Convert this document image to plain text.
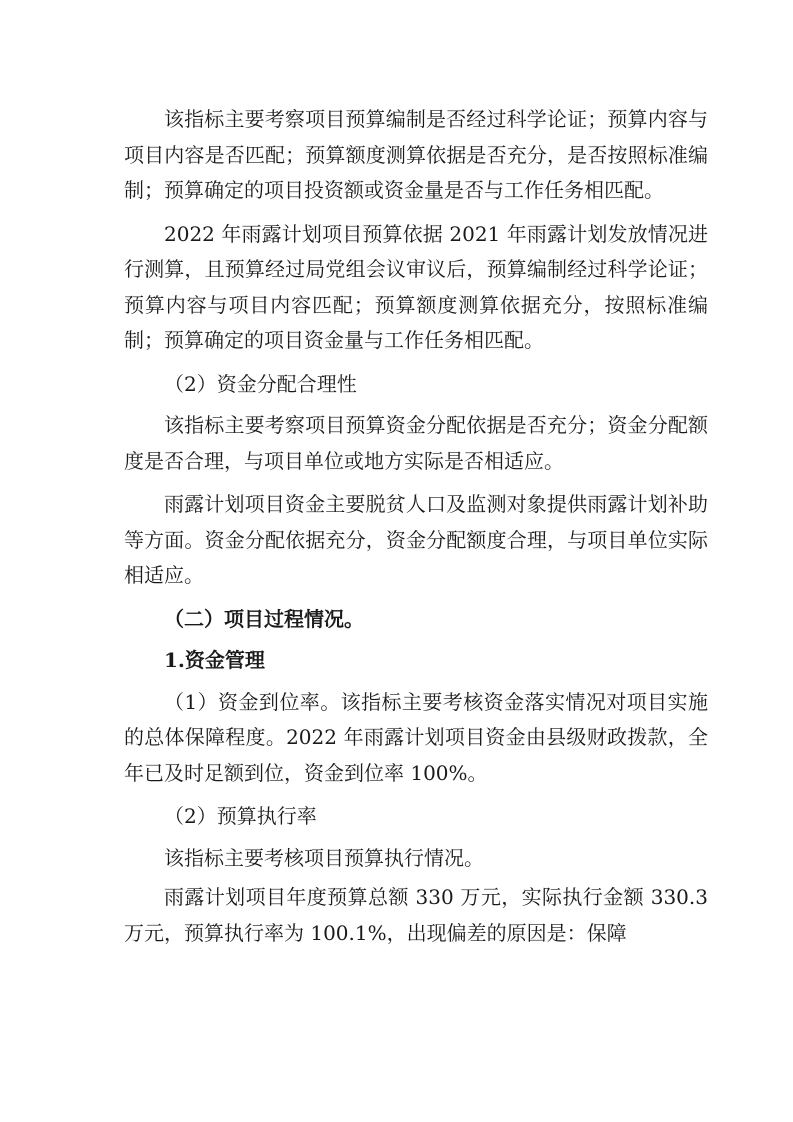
该指标主要考察项目预算编制是否经过科学论证；预算内容与项目内容是否匹配；预算额度测算依据是否充分，是否按照标准编制；预算确定的项目投资额或资金量是否与工作任务相匹配。

2022 年雨露计划项目预算依据 2021 年雨露计划发放情况进行测算，且预算经过局党组会议审议后，预算编制经过科学论证；预算内容与项目内容匹配；预算额度测算依据充分，按照标准编制；预算确定的项目资金量与工作任务相匹配。

（2）资金分配合理性

该指标主要考察项目预算资金分配依据是否充分；资金分配额度是否合理，与项目单位或地方实际是否相适应。

雨露计划项目资金主要脱贫人口及监测对象提供雨露计划补助等方面。资金分配依据充分，资金分配额度合理，与项目单位实际相适应。

（二）项目过程情况。

1.资金管理

（1）资金到位率。该指标主要考核资金落实情况对项目实施的总体保障程度。2022 年雨露计划项目资金由县级财政拨款，全年已及时足额到位，资金到位率 100%。

（2）预算执行率

该指标主要考核项目预算执行情况。

雨露计划项目年度预算总额 330 万元，实际执行金额 330.3 万元，预算执行率为 100.1%，出现偏差的原因是：保障
